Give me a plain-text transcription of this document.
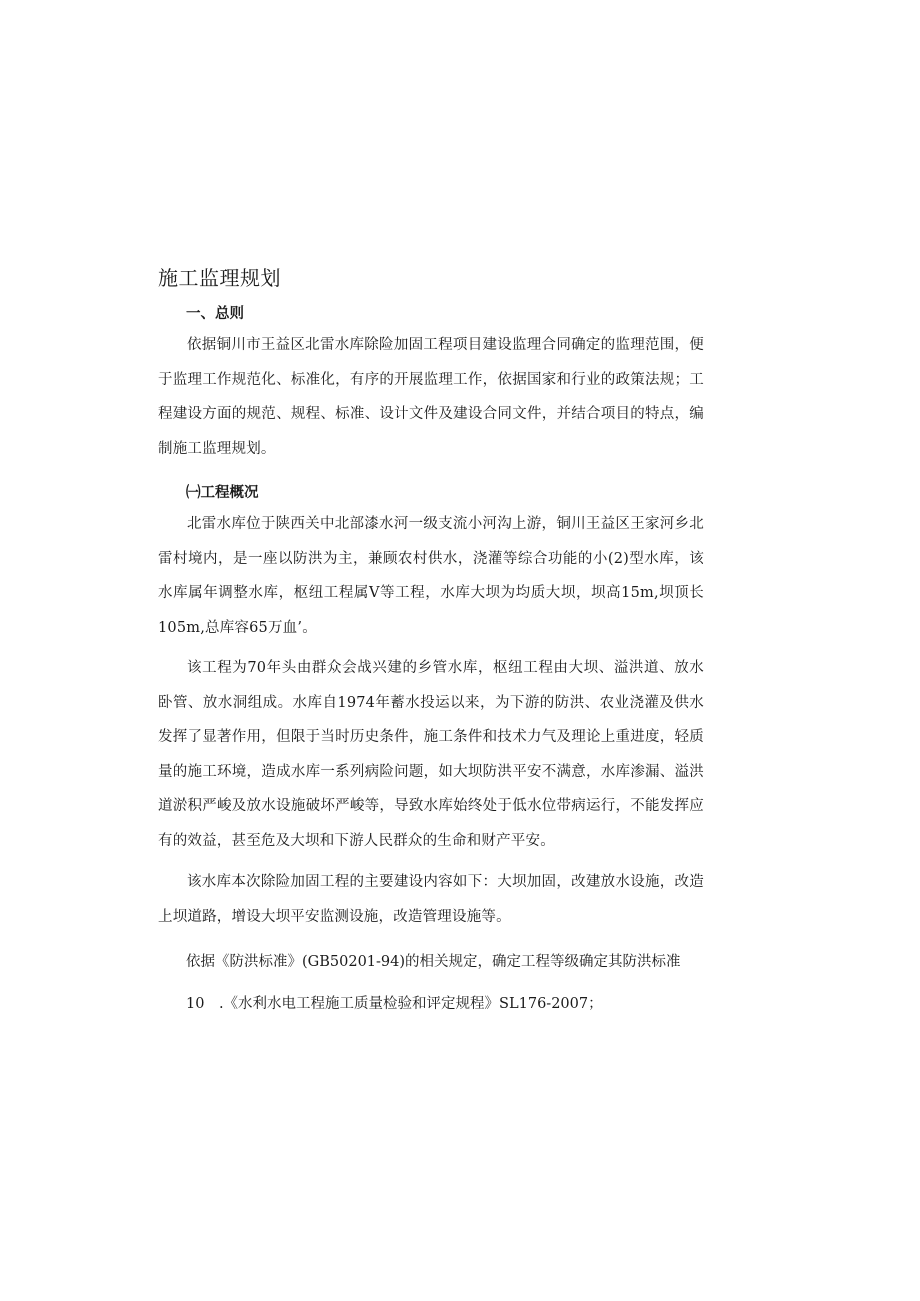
施工监理规划
一、总则
依据铜川市王益区北雷水库除险加固工程项目建设监理合同确定的监理范围，便于监理工作规范化、标准化，有序的开展监理工作，依据国家和行业的政策法规；工程建设方面的规范、规程、标准、设计文件及建设合同文件，并结合项目的特点，编制施工监理规划。
㈠工程概况
北雷水库位于陕西关中北部漆水河一级支流小河沟上游，铜川王益区王家河乡北雷村境内，是一座以防洪为主，兼顾农村供水，浇灌等综合功能的小(2)型水库，该水库属年调整水库，枢纽工程属Ⅴ等工程，水库大坝为均质大坝，坝高15m,坝顶长105m,总库容65万血’。
该工程为70年头由群众会战兴建的乡管水库，枢纽工程由大坝、溢洪道、放水卧管、放水洞组成。水库自1974年蓄水投运以来，为下游的防洪、农业浇灌及供水发挥了显著作用，但限于当时历史条件，施工条件和技术力气及理论上重进度，轻质量的施工环境，造成水库一系列病险问题，如大坝防洪平安不满意，水库渗漏、溢洪道淤积严峻及放水设施破坏严峻等，导致水库始终处于低水位带病运行，不能发挥应有的效益，甚至危及大坝和下游人民群众的生命和财产平安。
该水库本次除险加固工程的主要建设内容如下：大坝加固，改建放水设施，改造上坝道路，增设大坝平安监测设施，改造管理设施等。
依据《防洪标准》(GB50201-94)的相关规定，确定工程等级确定其防洪标准
10　.《水利水电工程施工质量检验和评定规程》SL176-2007；
